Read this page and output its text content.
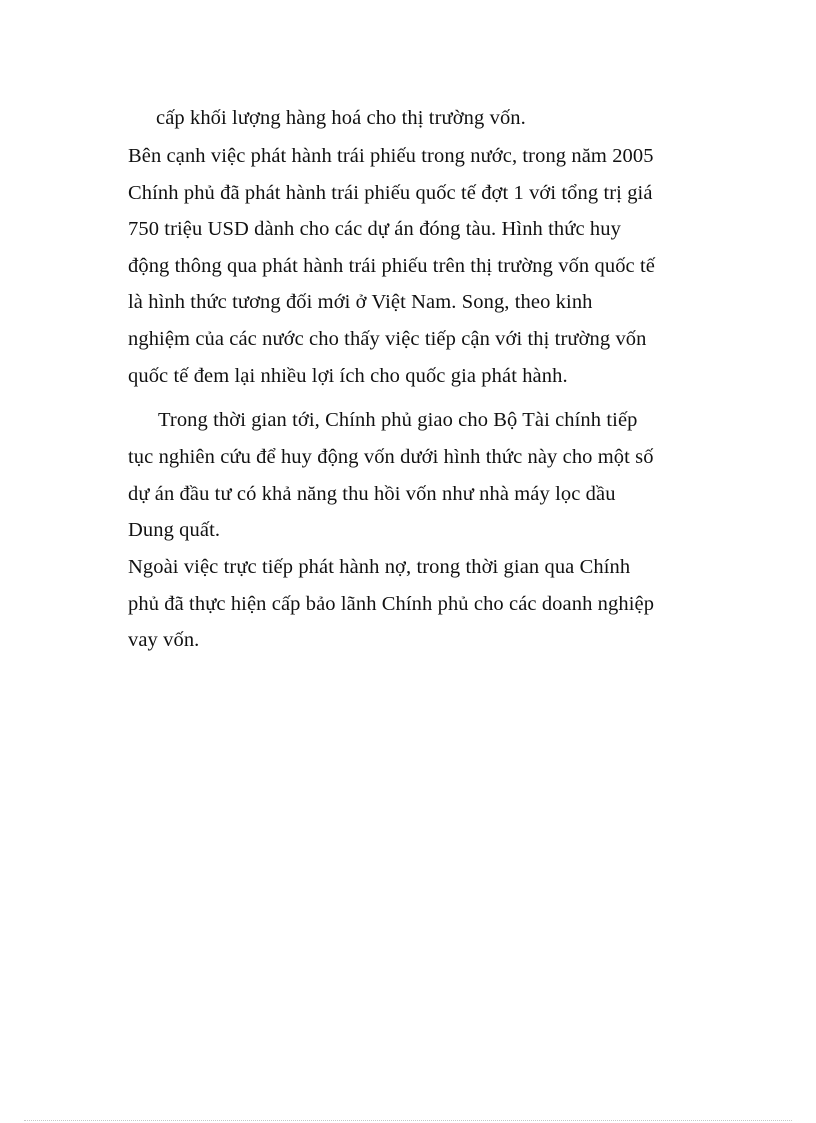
cấp khối lượng hàng hoá cho thị trường vốn.
Bên cạnh việc phát hành trái phiếu trong nước, trong năm 2005
Chính phủ đã phát hành trái phiếu quốc tế đợt 1 với tổng trị giá
750 triệu USD dành cho các dự án đóng tàu. Hình thức huy
động thông qua phát hành trái phiếu trên thị trường vốn quốc tế
là hình thức tương đối mới ở Việt Nam. Song, theo kinh
nghiệm của các nước cho thấy việc tiếp cận với thị trường vốn
quốc tế đem lại nhiều lợi ích cho quốc gia phát hành.
Trong thời gian tới, Chính phủ giao cho Bộ Tài chính tiếp
tục nghiên cứu để huy động vốn dưới hình thức này cho một số
dự án đầu tư có khả năng thu hồi vốn như nhà máy lọc dầu
Dung quất.
Ngoài việc trực tiếp phát hành nợ, trong thời gian qua Chính
phủ đã thực hiện cấp bảo lãnh Chính phủ cho các doanh nghiệp
vay vốn.
